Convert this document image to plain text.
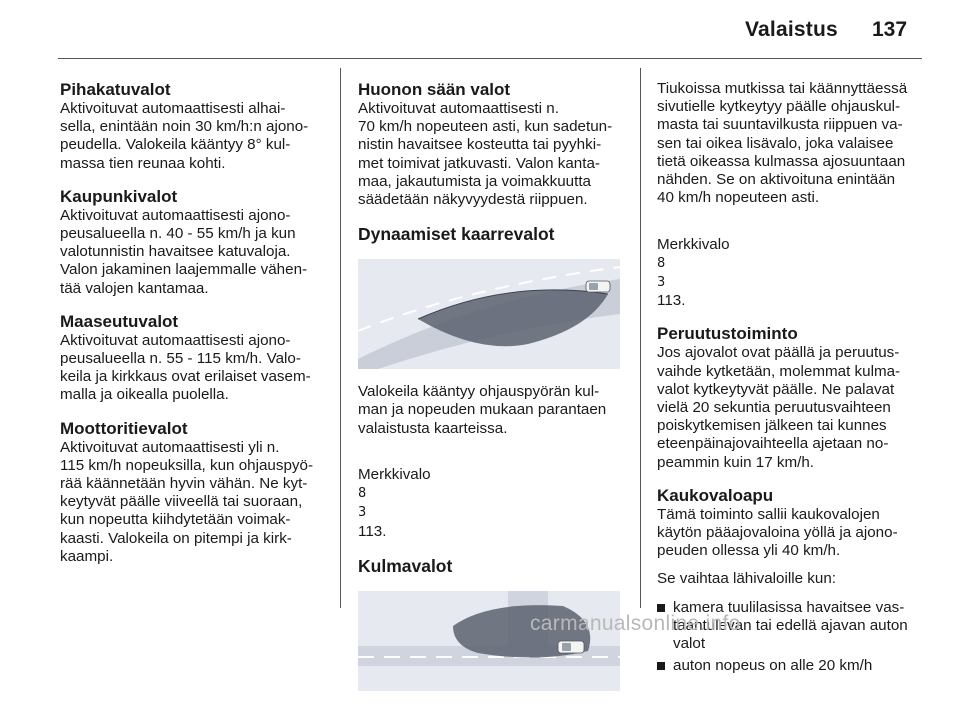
Valaistus 137
Pihakatuvalot
Aktivoituvat automaattisesti alhai-
sella, enintään noin 30 km/h:n ajono-
peudella. Valokeila kääntyy 8° kul-
massa tien reunaa kohti.
Kaupunkivalot
Aktivoituvat automaattisesti ajono-
peusalueella n. 40 - 55 km/h ja kun
valotunnistin havaitsee katuvaloja.
Valon jakaminen laajemmalle vähen-
tää valojen kantamaa.
Maaseutuvalot
Aktivoituvat automaattisesti ajono-
peusalueella n. 55 - 115 km/h. Valo-
keila ja kirkkaus ovat erilaiset vasem-
malla ja oikealla puolella.
Moottoritievalot
Aktivoituvat automaattisesti yli n.
115 km/h nopeuksilla, kun ohjauspyö-
rää käännetään hyvin vähän. Ne kyt-
keytyvät päälle viiveellä tai suoraan,
kun nopeutta kiihdytetään voimak-
kaasti. Valokeila on pitempi ja kirk-
kaampi.
Huonon sään valot
Aktivoituvat automaattisesti n.
70 km/h nopeuteen asti, kun sadetun-
nistin havaitsee kosteutta tai pyyhki-
met toimivat jatkuvasti. Valon kanta-
maa, jakautumista ja voimakkuutta
säädetään näkyvyydestä riippuen.
Dynaamiset kaarrevalot
Valokeila kääntyy ohjauspyörän kul-
man ja nopeuden mukaan parantaen
valaistusta kaarteissa.

Merkkivalo
8
3
113.

Kulmavalot
Tiukoissa mutkissa tai käännyttäessä
sivutielle kytkeytyy päälle ohjauskul-
masta tai suuntavilkusta riippuen va-
sen tai oikea lisävalo, joka valaisee
tietä oikeassa kulmassa ajosuuntaan
nähden. Se on aktivoituna enintään
40 km/h nopeuteen asti.

Merkkivalo
8
3
113.

Peruutustoiminto
Jos ajovalot ovat päällä ja peruutus-
vaihde kytketään, molemmat kulma-
valot kytkeytyvät päälle. Ne palavat
vielä 20 sekuntia peruutusvaihteen
poiskytkemisen jälkeen tai kunnes
eteenpäinajovaihteella ajetaan no-
peammin kuin 17 km/h.
Kaukovaloapu
Tämä toiminto sallii kaukovalojen
käytön pääajovaloina yöllä ja ajono-
peuden ollessa yli 40 km/h.
Se vaihtaa lähivaloille kun:
kamera tuulilasissa havaitsee vas-
taantulevan tai edellä ajavan auton
valot
auton nopeus on alle 20 km/h
carmanualsonline.info
